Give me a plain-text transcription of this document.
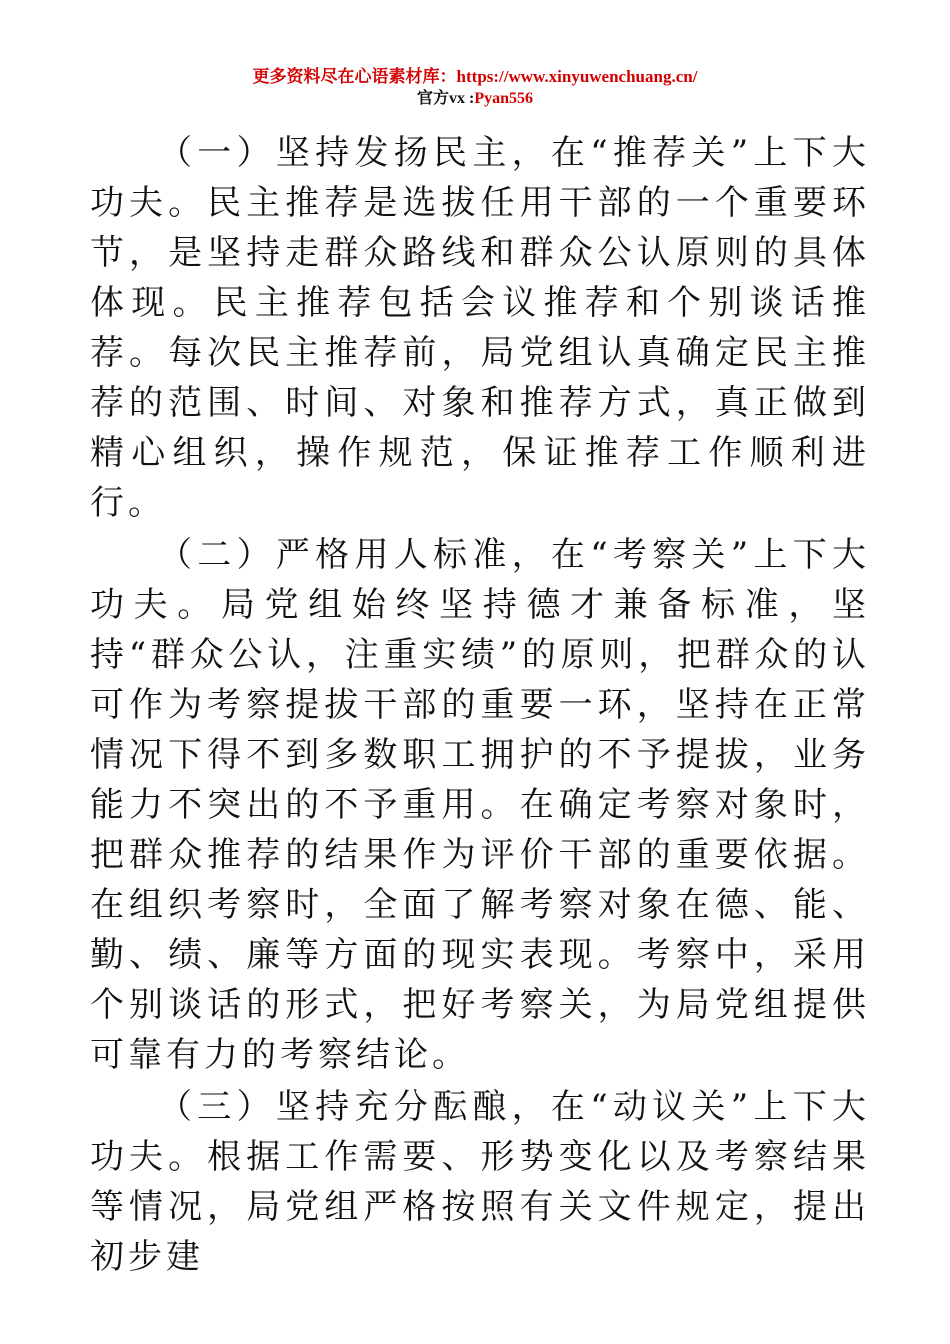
更多资料尽在心语素材库：https://www.xinyuwenchuang.cn/
官方vx :Pyan556

（一）坚持发扬民主，在“推荐关”上下大功夫。民主推荐是选拔任用干部的一个重要环节，是坚持走群众路线和群众公认原则的具体体现。民主推荐包括会议推荐和个别谈话推荐。每次民主推荐前，局党组认真确定民主推荐的范围、时间、对象和推荐方式，真正做到精心组织，操作规范，保证推荐工作顺利进行。

（二）严格用人标准，在“考察关”上下大功夫。局党组始终坚持德才兼备标准，坚持“群众公认，注重实绩”的原则，把群众的认可作为考察提拔干部的重要一环，坚持在正常情况下得不到多数职工拥护的不予提拔，业务能力不突出的不予重用。在确定考察对象时，把群众推荐的结果作为评价干部的重要依据。在组织考察时，全面了解考察对象在德、能、勤、绩、廉等方面的现实表现。考察中，采用个别谈话的形式，把好考察关，为局党组提供可靠有力的考察结论。

（三）坚持充分酝酿，在“动议关”上下大功夫。根据工作需要、形势变化以及考察结果等情况，局党组严格按照有关文件规定，提出初步建
